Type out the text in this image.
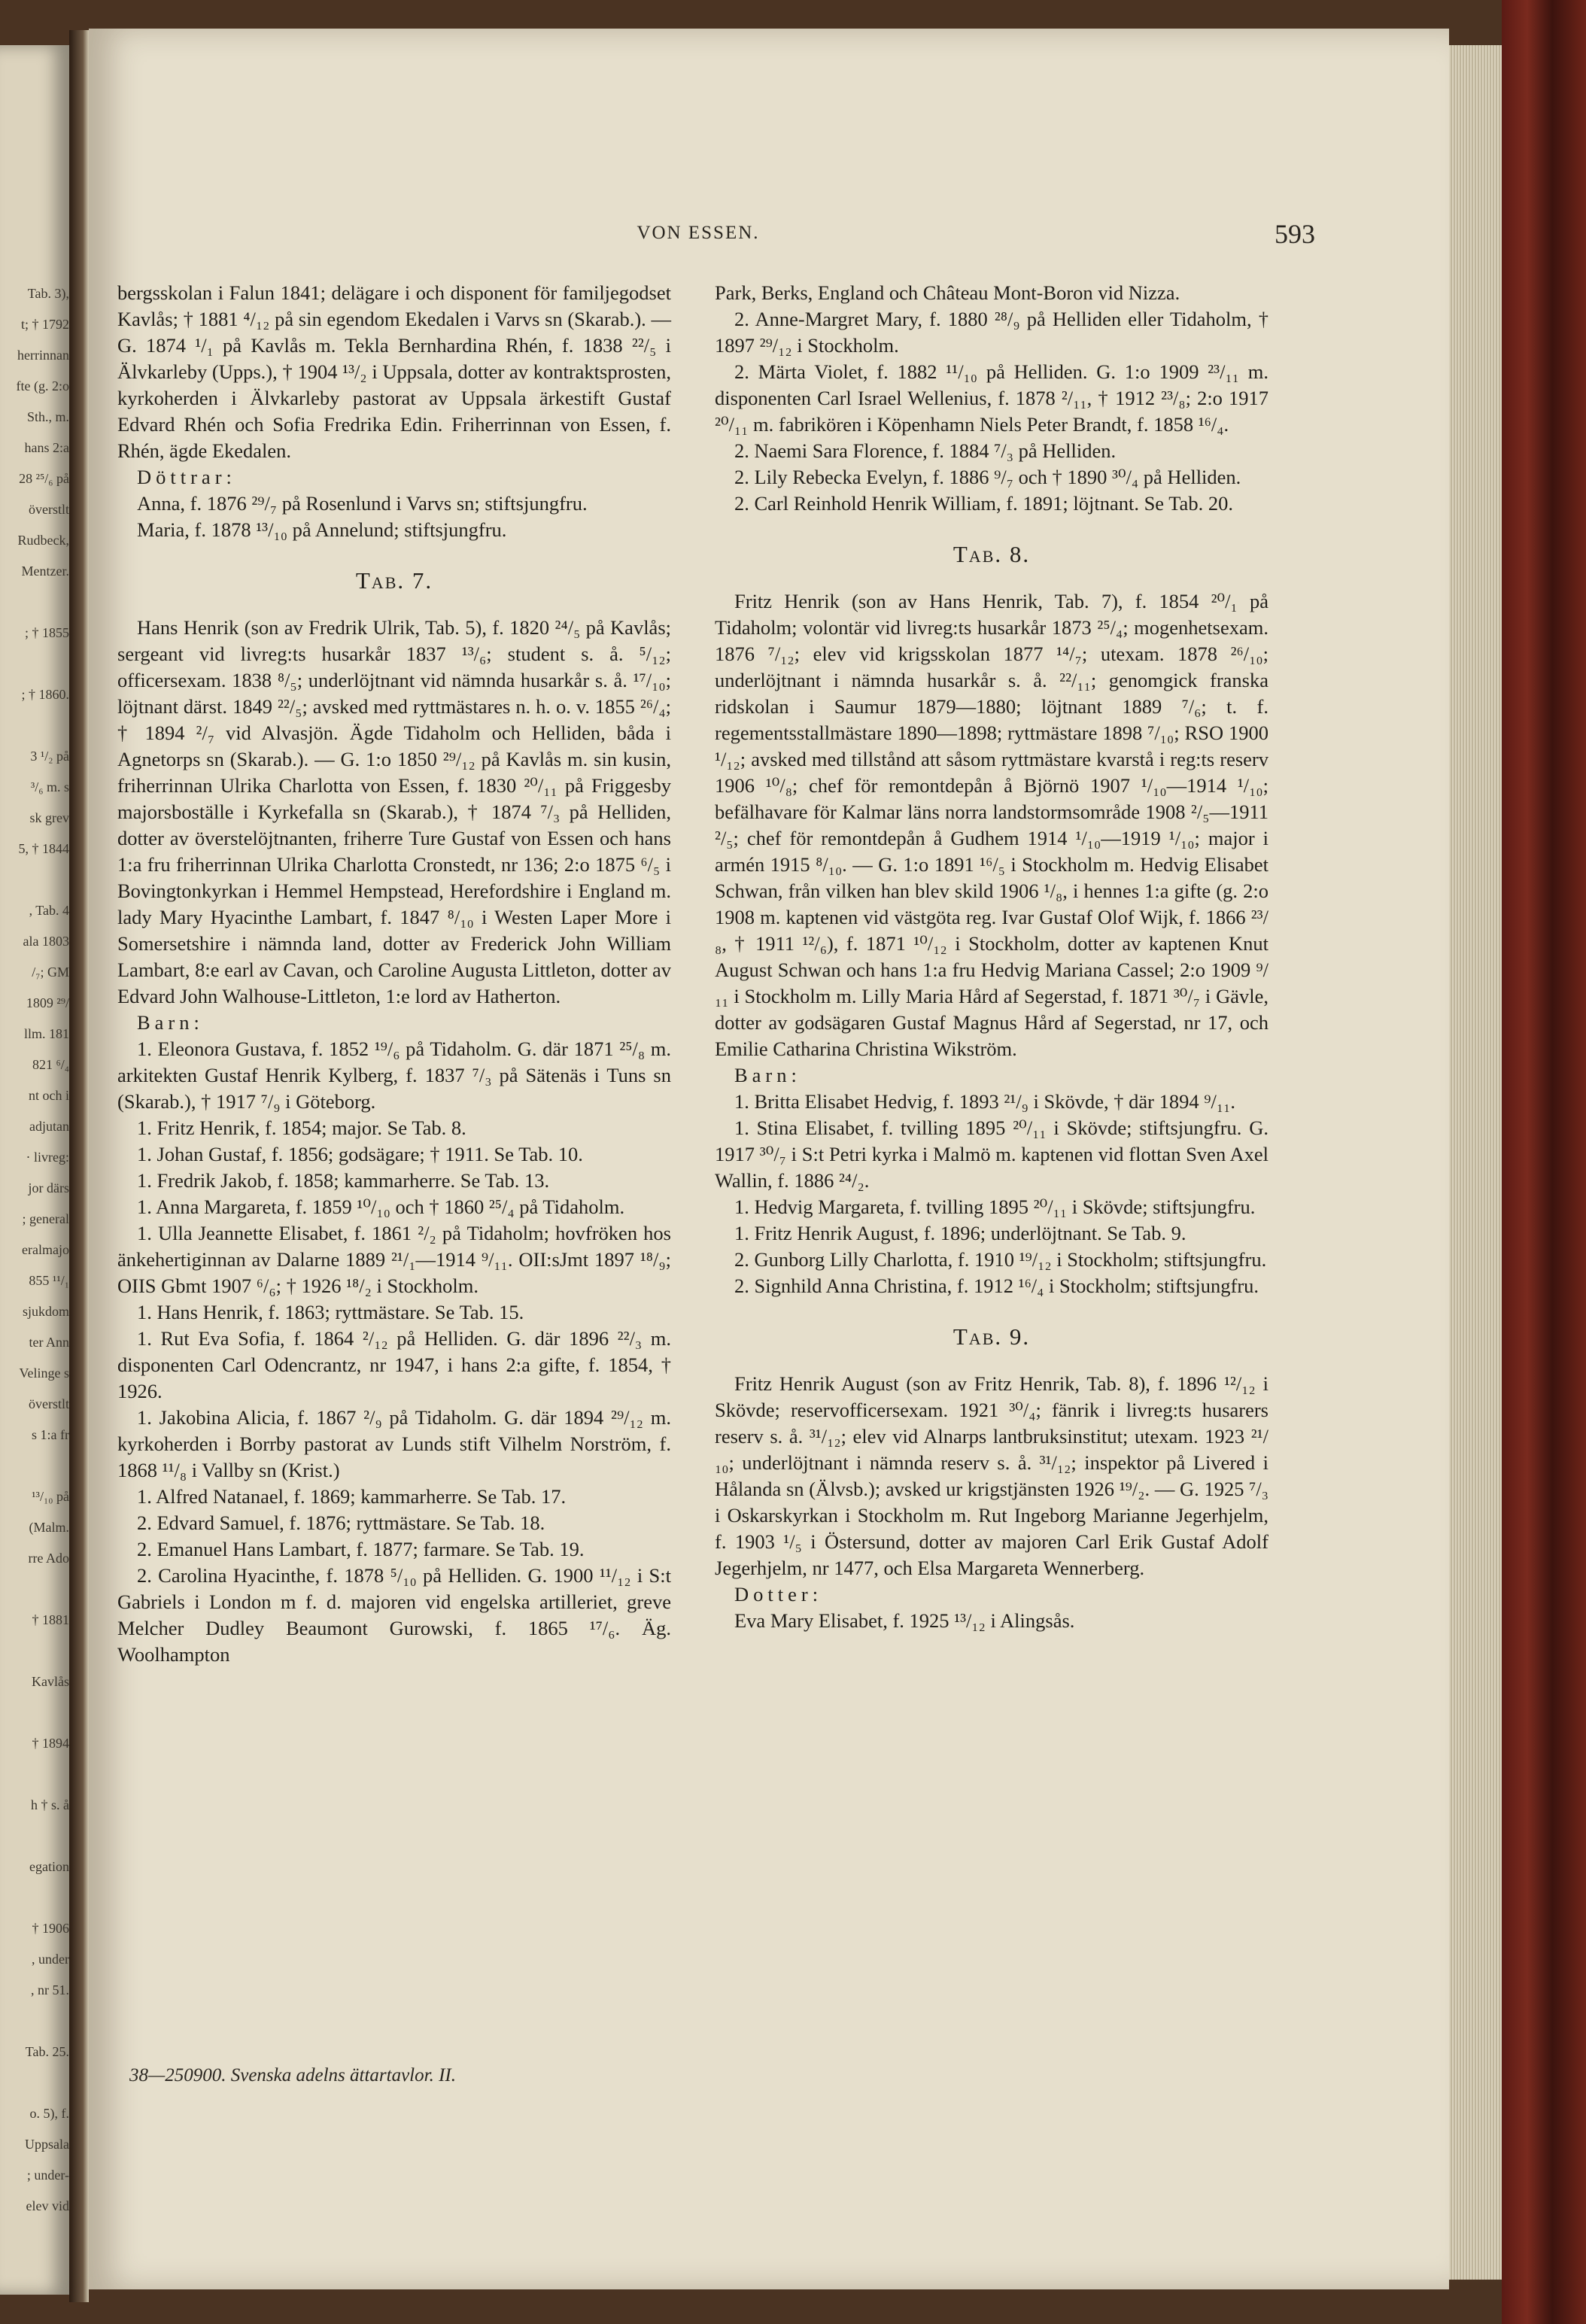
Tab. 3),
t; † 1792
herrinnan
fte (g. 2:o
Sth., m.
hans 2:a
28 ²⁵/₆ på
överstlt
Rudbeck,
Mentzer.
; † 1855
; † 1860.
3 ¹/₂ på
³/₆ m. s
sk grev
5, † 1844
, Tab. 4
ala 1803
/₇; GM
1809 ²⁹/
llm. 181
821 ⁶/₄
nt och i
adjutan
· livreg:
jor därs
; general
eralmajo
855 ¹¹/₁
sjukdom
ter Ann
Velinge s
överstlt
s 1:a fr
¹³/₁₀ på
(Malm.
rre Ado
† 1881
Kavlås
† 1894
h † s. å
egation
† 1906
, under
, nr 51.
Tab. 25.
o. 5), f.
Uppsala
; under-
elev vid
VON ESSEN.	593

bergsskolan i Falun 1841; delägare i och disponent för familjegodset Kavlås; † 1881 ⁴/₁₂ på sin egendom Ekedalen i Varvs sn (Skarab.). — G. 1874 ¹/₁ på Kavlås m. Tekla Bernhardina Rhén, f. 1838 ²²/₅ i Älvkarleby (Upps.), † 1904 ¹³/₂ i Uppsala, dotter av kontraktsprosten, kyrkoherden i Älvkarleby pastorat av Uppsala ärkestift Gustaf Edvard Rhén och Sofia Fredrika Edin. Friherrinnan von Essen, f. Rhén, ägde Ekedalen.

Döttrar:

Anna, f. 1876 ²⁹/₇ på Rosenlund i Varvs sn; stiftsjungfru.

Maria, f. 1878 ¹³/₁₀ på Annelund; stiftsjungfru.

Tab. 7.

Hans Henrik (son av Fredrik Ulrik, Tab. 5), f. 1820 ²⁴/₅ på Kavlås; sergeant vid livreg:ts husarkår 1837 ¹³/₆; student s. å. ⁵/₁₂; officersexam. 1838 ⁸/₅; underlöjtnant vid nämnda husarkår s. å. ¹⁷/₁₀; löjtnant därst. 1849 ²²/₅; avsked med ryttmästares n. h. o. v. 1855 ²⁶/₄; † 1894 ²/₇ vid Alvasjön. Ägde Tidaholm och Helliden, båda i Agnetorps sn (Skarab.). — G. 1:o 1850 ²⁹/₁₂ på Kavlås m. sin kusin, friherrinnan Ulrika Charlotta von Essen, f. 1830 ²⁰/₁₁ på Friggesby majorsboställe i Kyrkefalla sn (Skarab.), † 1874 ⁷/₃ på Helliden, dotter av överstelöjtnanten, friherre Ture Gustaf von Essen och hans 1:a fru friherrinnan Ulrika Charlotta Cronstedt, nr 136; 2:o 1875 ⁶/₅ i Bovingtonkyrkan i Hemmel Hempstead, Herefordshire i England m. lady Mary Hyacinthe Lambart, f. 1847 ⁸/₁₀ i Westen Laper More i Somersetshire i nämnda land, dotter av Frederick John William Lambart, 8:e earl av Cavan, och Caroline Augusta Littleton, dotter av Edvard John Walhouse-Littleton, 1:e lord av Hatherton.

Barn:

1. Eleonora Gustava, f. 1852 ¹⁹/₆ på Tidaholm. G. där 1871 ²⁵/₈ m. arkitekten Gustaf Henrik Kylberg, f. 1837 ⁷/₃ på Sätenäs i Tuns sn (Skarab.), † 1917 ⁷/₉ i Göteborg.

1. Fritz Henrik, f. 1854; major. Se Tab. 8.

1. Johan Gustaf, f. 1856; godsägare; † 1911. Se Tab. 10.

1. Fredrik Jakob, f. 1858; kammarherre. Se Tab. 13.

1. Anna Margareta, f. 1859 ¹⁰/₁₀ och † 1860 ²⁵/₄ på Tidaholm.

1. Ulla Jeannette Elisabet, f. 1861 ²/₂ på Tidaholm; hovfröken hos änkehertiginnan av Dalarne 1889 ²¹/₁—1914 ⁹/₁₁. OII:sJmt 1897 ¹⁸/₉; OIIS Gbmt 1907 ⁶/₆; † 1926 ¹⁸/₂ i Stockholm.

1. Hans Henrik, f. 1863; ryttmästare. Se Tab. 15.

1. Rut Eva Sofia, f. 1864 ²/₁₂ på Helliden. G. där 1896 ²²/₃ m. disponenten Carl Odencrantz, nr 1947, i hans 2:a gifte, f. 1854, † 1926.

1. Jakobina Alicia, f. 1867 ²/₉ på Tidaholm. G. där 1894 ²⁹/₁₂ m. kyrkoherden i Borrby pastorat av Lunds stift Vilhelm Norström, f. 1868 ¹¹/₈ i Vallby sn (Krist.)

1. Alfred Natanael, f. 1869; kammarherre. Se Tab. 17.

2. Edvard Samuel, f. 1876; ryttmästare. Se Tab. 18.

2. Emanuel Hans Lambart, f. 1877; farmare. Se Tab. 19.

2. Carolina Hyacinthe, f. 1878 ⁵/₁₀ på Helliden. G. 1900 ¹¹/₁₂ i S:t Gabriels i London m f. d. majoren vid engelska artilleriet, greve Melcher Dudley Beaumont Gurowski, f. 1865 ¹⁷/₆. Äg. Woolhampton

Park, Berks, England och Château Mont-Boron vid Nizza.

2. Anne-Margret Mary, f. 1880 ²⁸/₉ på Helliden eller Tidaholm, † 1897 ²⁹/₁₂ i Stockholm.

2. Märta Violet, f. 1882 ¹¹/₁₀ på Helliden. G. 1:o 1909 ²³/₁₁ m. disponenten Carl Israel Wellenius, f. 1878 ²/₁₁, † 1912 ²³/₈; 2:o 1917 ²⁰/₁₁ m. fabrikören i Köpenhamn Niels Peter Brandt, f. 1858 ¹⁶/₄.

2. Naemi Sara Florence, f. 1884 ⁷/₃ på Helliden.

2. Lily Rebecka Evelyn, f. 1886 ⁹/₇ och † 1890 ³⁰/₄ på Helliden.

2. Carl Reinhold Henrik William, f. 1891; löjtnant. Se Tab. 20.

Tab. 8.

Fritz Henrik (son av Hans Henrik, Tab. 7), f. 1854 ²⁰/₁ på Tidaholm; volontär vid livreg:ts husarkår 1873 ²⁵/₄; mogenhetsexam. 1876 ⁷/₁₂; elev vid krigsskolan 1877 ¹⁴/₇; utexam. 1878 ²⁶/₁₀; underlöjtnant i nämnda husarkår s. å. ²²/₁₁; genomgick franska ridskolan i Saumur 1879—1880; löjtnant 1889 ⁷/₆; t. f. regementsstallmästare 1890—1898; ryttmästare 1898 ⁷/₁₀; RSO 1900 ¹/₁₂; avsked med tillstånd att såsom ryttmästare kvarstå i reg:ts reserv 1906 ¹⁰/₈; chef för remontdepån å Björnö 1907 ¹/₁₀—1914 ¹/₁₀; befälhavare för Kalmar läns norra landstormsområde 1908 ²/₅—1911 ²/₅; chef för remontdepån å Gudhem 1914 ¹/₁₀—1919 ¹/₁₀; major i armén 1915 ⁸/₁₀. — G. 1:o 1891 ¹⁶/₅ i Stockholm m. Hedvig Elisabet Schwan, från vilken han blev skild 1906 ¹/₈, i hennes 1:a gifte (g. 2:o 1908 m. kaptenen vid västgöta reg. Ivar Gustaf Olof Wijk, f. 1866 ²³/₈, † 1911 ¹²/₆), f. 1871 ¹⁰/₁₂ i Stockholm, dotter av kaptenen Knut August Schwan och hans 1:a fru Hedvig Mariana Cassel; 2:o 1909 ⁹/₁₁ i Stockholm m. Lilly Maria Hård af Segerstad, f. 1871 ³⁰/₇ i Gävle, dotter av godsägaren Gustaf Magnus Hård af Segerstad, nr 17, och Emilie Catharina Christina Wikström.

Barn:

1. Britta Elisabet Hedvig, f. 1893 ²¹/₉ i Skövde, † där 1894 ⁹/₁₁.

1. Stina Elisabet, f. tvilling 1895 ²⁰/₁₁ i Skövde; stiftsjungfru. G. 1917 ³⁰/₇ i S:t Petri kyrka i Malmö m. kaptenen vid flottan Sven Axel Wallin, f. 1886 ²⁴/₂.

1. Hedvig Margareta, f. tvilling 1895 ²⁰/₁₁ i Skövde; stiftsjungfru.

1. Fritz Henrik August, f. 1896; underlöjtnant. Se Tab. 9.

2. Gunborg Lilly Charlotta, f. 1910 ¹⁹/₁₂ i Stockholm; stiftsjungfru.

2. Signhild Anna Christina, f. 1912 ¹⁶/₄ i Stockholm; stiftsjungfru.

Tab. 9.

Fritz Henrik August (son av Fritz Henrik, Tab. 8), f. 1896 ¹²/₁₂ i Skövde; reservofficersexam. 1921 ³⁰/₄; fänrik i livreg:ts husarers reserv s. å. ³¹/₁₂; elev vid Alnarps lantbruksinstitut; utexam. 1923 ²¹/₁₀; underlöjtnant i nämnda reserv s. å. ³¹/₁₂; inspektor på Livered i Hålanda sn (Älvsb.); avsked ur krigstjänsten 1926 ¹⁹/₂. — G. 1925 ⁷/₃ i Oskarskyrkan i Stockholm m. Rut Ingeborg Marianne Jegerhjelm, f. 1903 ¹/₅ i Östersund, dotter av majoren Carl Erik Gustaf Adolf Jegerhjelm, nr 1477, och Elsa Margareta Wennerberg.

Dotter:

Eva Mary Elisabet, f. 1925 ¹³/₁₂ i Alingsås.

38—250900. Svenska adelns ättartavlor. II.
